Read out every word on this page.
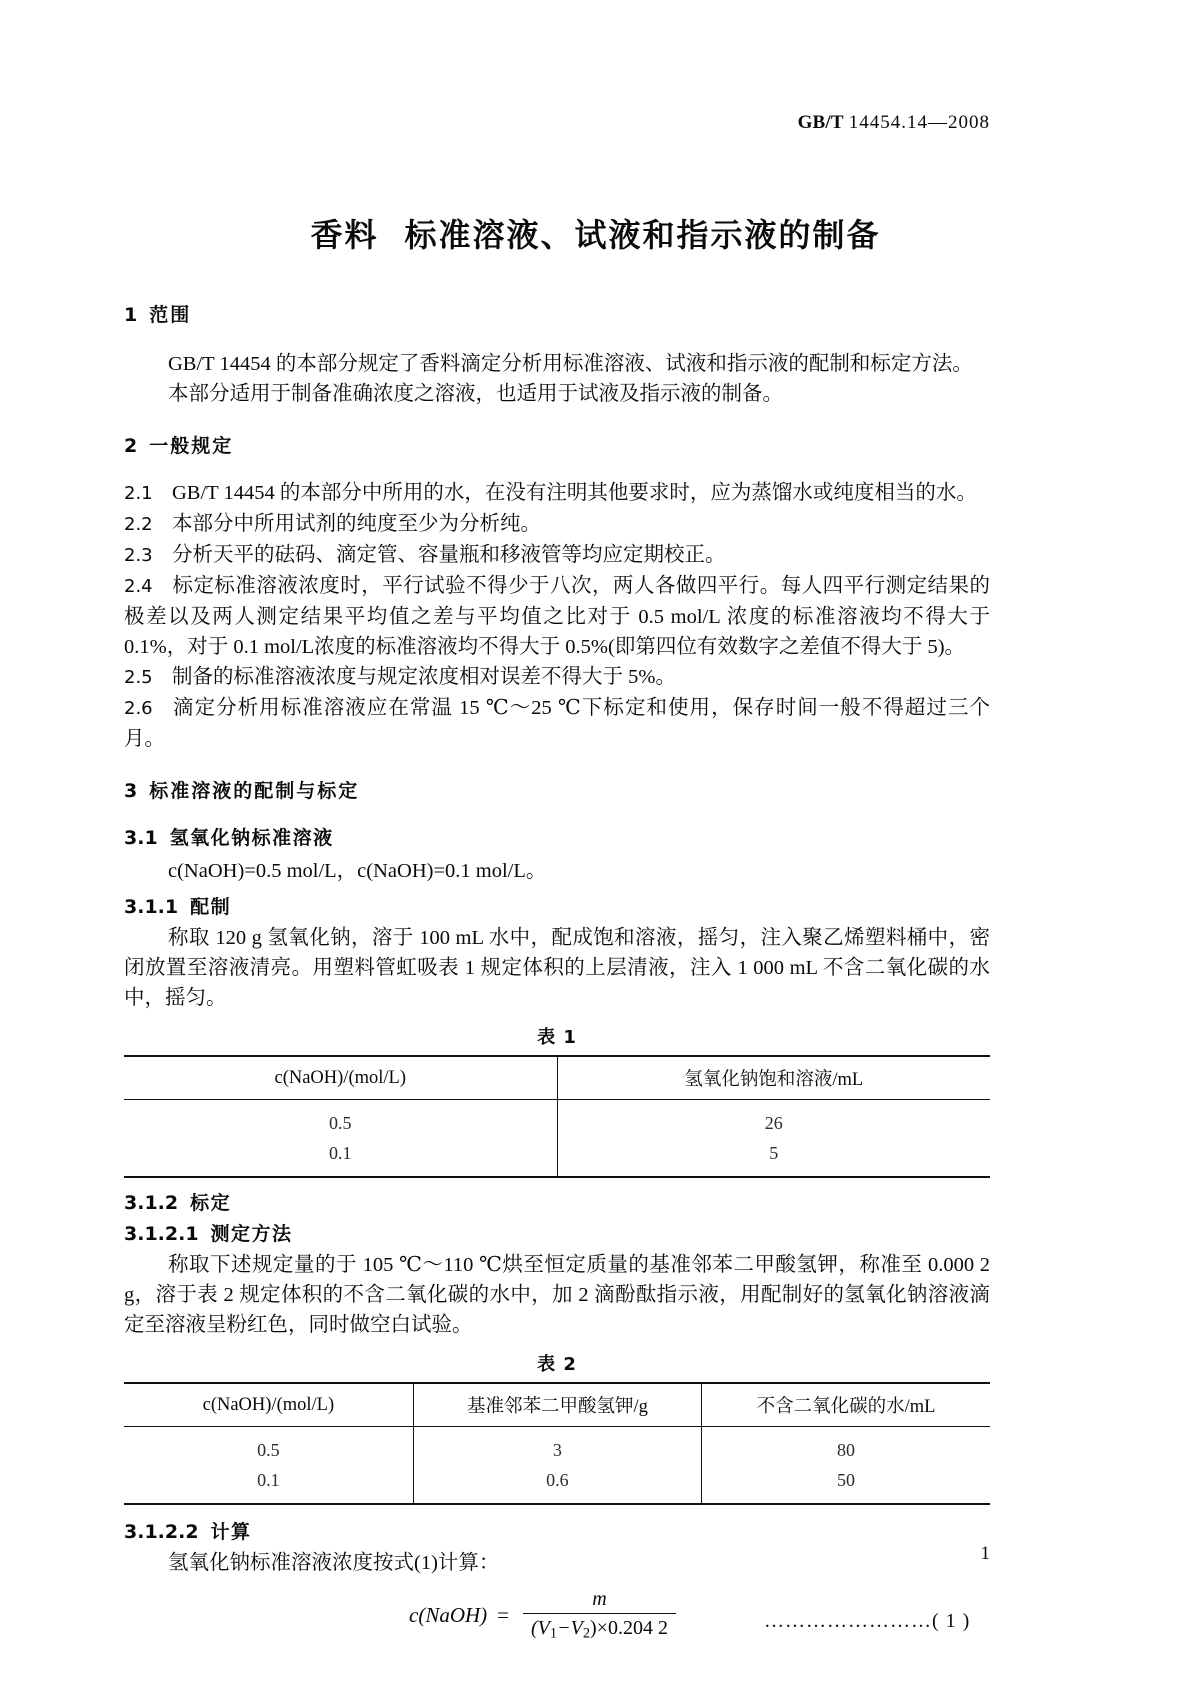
GB/T 14454.14—2008
香料 标准溶液、试液和指示液的制备
1 范围

GB/T 14454 的本部分规定了香料滴定分析用标准溶液、试液和指示液的配制和标定方法。

本部分适用于制备准确浓度之溶液，也适用于试液及指示液的制备。

2 一般规定

2.1 GB/T 14454 的本部分中所用的水，在没有注明其他要求时，应为蒸馏水或纯度相当的水。

2.2 本部分中所用试剂的纯度至少为分析纯。

2.3 分析天平的砝码、滴定管、容量瓶和移液管等均应定期校正。

2.4 标定标准溶液浓度时，平行试验不得少于八次，两人各做四平行。每人四平行测定结果的极差以及两人测定结果平均值之差与平均值之比对于 0.5 mol/L 浓度的标准溶液均不得大于 0.1%，对于 0.1 mol/L浓度的标准溶液均不得大于 0.5%(即第四位有效数字之差值不得大于 5)。

2.5 制备的标准溶液浓度与规定浓度相对误差不得大于 5%。

2.6 滴定分析用标准溶液应在常温 15 ℃～25 ℃下标定和使用，保存时间一般不得超过三个月。

3 标准溶液的配制与标定
3.1 氢氧化钠标准溶液

c(NaOH)=0.5 mol/L，c(NaOH)=0.1 mol/L。

3.1.1 配制

称取 120 g 氢氧化钠，溶于 100 mL 水中，配成饱和溶液，摇匀，注入聚乙烯塑料桶中，密闭放置至溶液清亮。用塑料管虹吸表 1 规定体积的上层清液，注入 1 000 mL 不含二氧化碳的水中，摇匀。

表 1
c(NaOH)/(mol/L)	氢氧化钠饱和溶液/mL
0.5	26
0.1	5
3.1.2 标定
3.1.2.1 测定方法

称取下述规定量的于 105 ℃～110 ℃烘至恒定质量的基准邻苯二甲酸氢钾，称准至 0.000 2 g，溶于表 2 规定体积的不含二氧化碳的水中，加 2 滴酚酞指示液，用配制好的氢氧化钠溶液滴定至溶液呈粉红色，同时做空白试验。

表 2
c(NaOH)/(mol/L)	基准邻苯二甲酸氢钾/g	不含二氧化碳的水/mL
0.5	3	80
0.1	0.6	50
3.1.2.2 计算

氢氧化钠标准溶液浓度按式(1)计算：

c(NaOH) = $\frac{m}{(V_1-V_2)\times 0.204 2}$	……………………( 1 )
1
